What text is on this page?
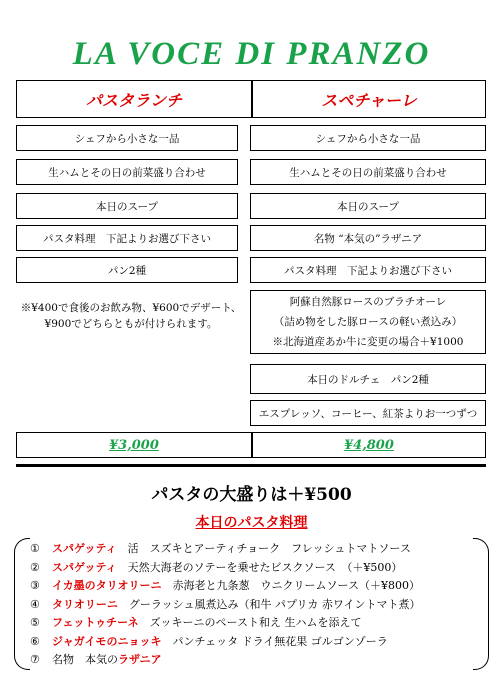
LA VOCE DI PRANZO
パスタランチ	スペチャーレ
シェフから小さな一品
生ハムとその日の前菜盛り合わせ
本日のスープ
パスタ料理　下記よりお選び下さい
パン2種
※¥400で食後のお飲み物、¥600でデザート、
¥900でどちらともが付けられます。
シェフから小さな一品
生ハムとその日の前菜盛り合わせ
本日のスープ
名物 “本気の”ラザニア
パスタ料理　下記よりお選び下さい
阿蘇自然豚ロースのブラチオーレ
（詰め物をした豚ロースの軽い煮込み）
※北海道産あか牛に変更の場合＋¥1000
本日のドルチェ　パン2種
エスプレッソ、コーヒー、紅茶よりお一つずつ
¥3,000	¥4,800
パスタの大盛りは＋¥500
本日のパスタ料理
① スパゲッティ　活　スズキとアーティチョーク　フレッシュトマトソース
② スパゲッティ　天然大海老のソテーを乗せたビスクソース　（＋¥500）
③ イカ墨のタリオリーニ　赤海老と九条葱　ウニクリームソース（＋¥800）
④ タリオリーニ　グーラッシュ風煮込み（和牛 パプリカ 赤ワイントマト煮）
⑤ フェットゥチーネ　ズッキーニのペースト和え 生ハムを添えて
⑥ ジャガイモのニョッキ　パンチェッタ ドライ無花果 ゴルゴンゾーラ
⑦ 名物　本気のラザニア
